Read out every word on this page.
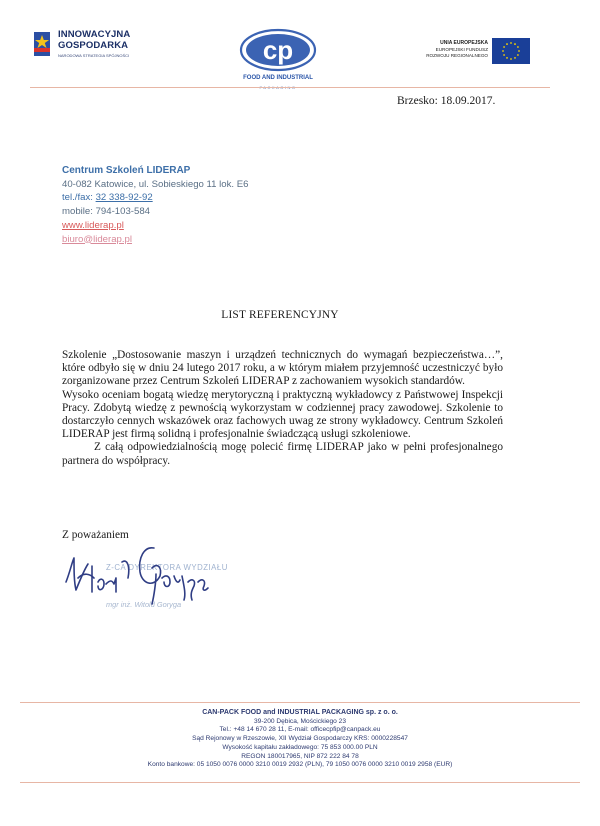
INNOWACYJNA
GOSPODARKA
NARODOWA STRATEGIA SPÓJNOŚCI	cp
FOOD AND INDUSTRIAL
UNIA EUROPEJSKA
EUROPEJSKI FUNDUSZ
ROZWOJU REGIONALNEGO
Brzesko: 18.09.2017.
Centrum Szkoleń LIDERAP
40-082 Katowice, ul. Sobieskiego 11 lok. E6
tel./fax: 32 338-92-92
mobile: 794-103-584
www.liderap.pl
biuro@liderap.pl
LIST REFERENCYJNY

Szkolenie „Dostosowanie maszyn i urządzeń technicznych do wymagań bezpieczeństwa…”, które odbyło się w dniu 24 lutego 2017 roku, a w którym miałem przyjemność uczestniczyć było zorganizowane przez Centrum Szkoleń LIDERAP z zachowaniem wysokich standardów.

Wysoko oceniam bogatą wiedzę merytoryczną i praktyczną wykładowcy z Państwowej Inspekcji Pracy. Zdobytą wiedzę z pewnością wykorzystam w codziennej pracy zawodowej. Szkolenie to dostarczyło cennych wskazówek oraz fachowych uwag ze strony wykładowcy. Centrum Szkoleń LIDERAP jest firmą solidną i profesjonalnie świadczącą usługi szkoleniowe.

Z całą odpowiedzialnością mogę polecić firmę LIDERAP jako w pełni profesjonalnego partnera do współpracy.

Z poważaniem
Z-CA DYREKTORA WYDZIAŁU
mgr inż. Witold Goryga
CAN-PACK FOOD and INDUSTRIAL PACKAGING sp. z o. o.
39-200 Dębica, Mościckiego 23
Tel.: +48 14 670 28 11, E-mail: officecpfip@canpack.eu
Sąd Rejonowy w Rzeszowie, XII Wydział Gospodarczy KRS: 0000228547
Wysokość kapitału zakładowego: 75 853 000.00 PLN
REGON 180017965, NIP 872 222 84 78
Konto bankowe: 05 1050 0076 0000 3210 0019 2932 (PLN), 79 1050 0076 0000 3210 0019 2958 (EUR)
